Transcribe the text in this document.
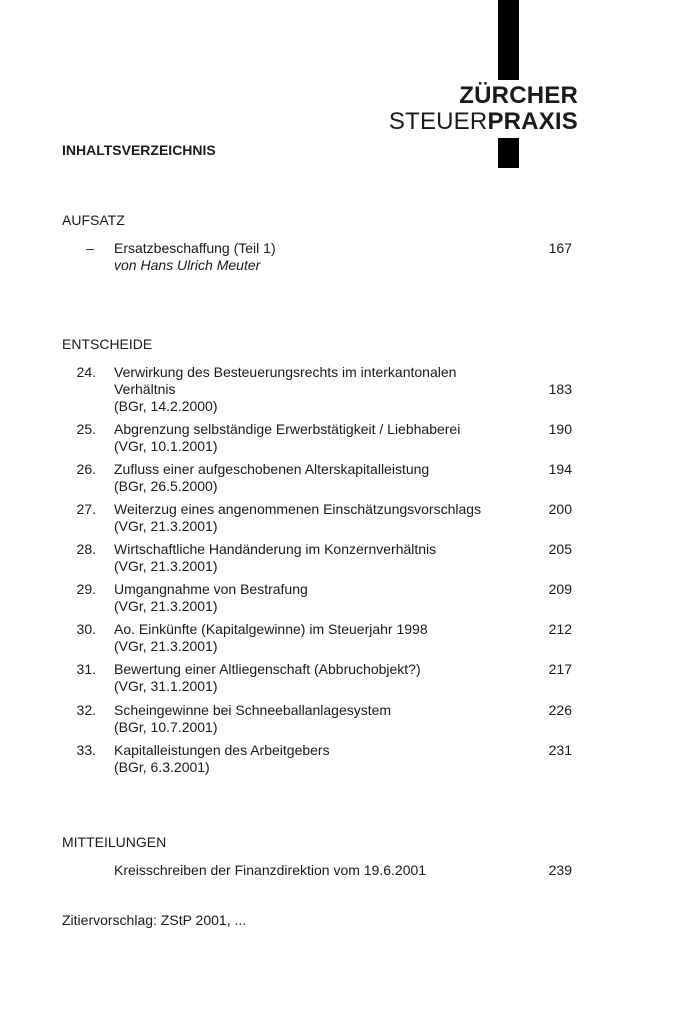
ZÜRCHER
STEUERPRAXIS
INHALTSVERZEICHNIS
AUFSATZ
– Ersatzbeschaffung (Teil 1)
von Hans Ulrich Meuter
167
ENTSCHEIDE
24. Verwirkung des Besteuerungsrechts im interkantonalen
Verhältnis
(BGr, 14.2.2000)
183
25. Abgrenzung selbständige Erwerbstätigkeit / Liebhaberei
(VGr, 10.1.2001)
190
26. Zufluss einer aufgeschobenen Alterskapitalleistung
(BGr, 26.5.2000)
194
27. Weiterzug eines angenommenen Einschätzungsvorschlags
(VGr, 21.3.2001)
200
28. Wirtschaftliche Handänderung im Konzernverhältnis
(VGr, 21.3.2001)
205
29. Umgangnahme von Bestrafung
(VGr, 21.3.2001)
209
30. Ao. Einkünfte (Kapitalgewinne) im Steuerjahr 1998
(VGr, 21.3.2001)
212
31. Bewertung einer Altliegenschaft (Abbruchobjekt?)
(VGr, 31.1.2001)
217
32. Scheingewinne bei Schneeballanlagesystem
(BGr, 10.7.2001)
226
33. Kapitalleistungen des Arbeitgebers
(BGr, 6.3.2001)
231
MITTEILUNGEN
Kreisschreiben der Finanzdirektion vom 19.6.2001	239
Zitiervorschlag: ZStP 2001, ...
